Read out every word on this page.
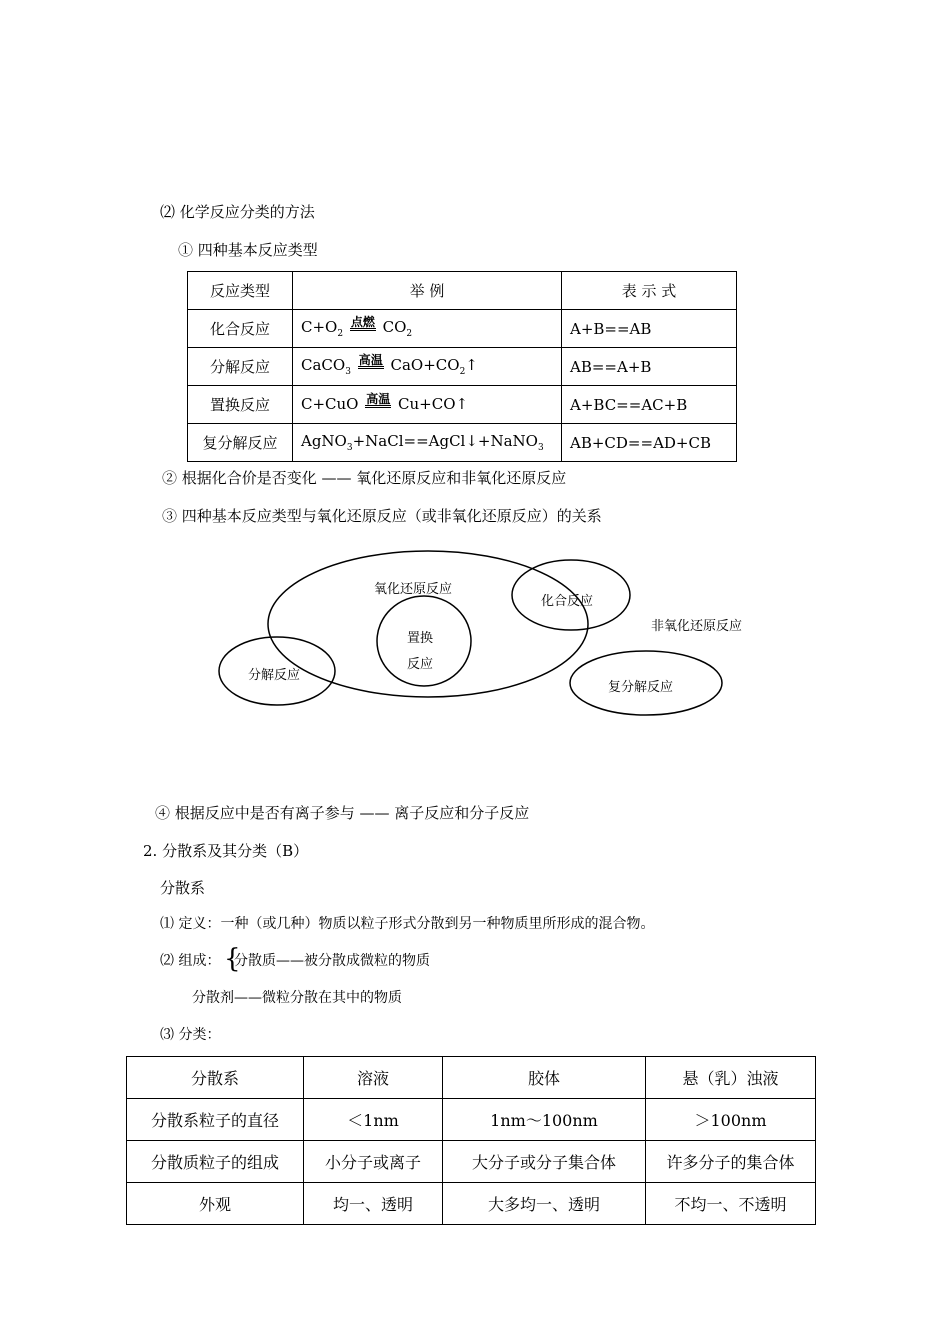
⑵ 化学反应分类的方法
① 四种基本反应类型
反应类型	举 例	表 示 式
化合反应	$C+O_2$ 点燃 $CO_2$	A+B==AB
分解反应	CaCO$_3$ 高温 $CaO+CO_2↑$	AB==A+B
置换反应	C+CuO 高温 Cu+CO↑	A+BC==AC+B
复分解反应	AgNO$_3$+NaCl==AgCl↓+NaNO$_3$	AB+CD==AD+CB
② 根据化合价是否变化 —— 氧化还原反应和非氧化还原反应
③ 四种基本反应类型与氧化还原反应（或非氧化还原反应）的关系
氧化还原反应
化合反应
非氧化还原反应
置换
反应
分解反应
复分解反应
④ 根据反应中是否有离子参与 —— 离子反应和分子反应
2. 分散系及其分类（B）
分散系
⑴ 定义：一种（或几种）物质以粒子形式分散到另一种物质里所形成的混合物。
⑵ 组成： {
分散质——被分散成微粒的物质
分散剂——微粒分散在其中的物质
⑶ 分类：
分散系	溶液	胶体	悬（乳）浊液
分散系粒子的直径	＜1nm	1nm～100nm	＞100nm
分散质粒子的组成	小分子或离子	大分子或分子集合体	许多分子的集合体
外观	均一、透明	大多均一、透明	不均一、不透明
